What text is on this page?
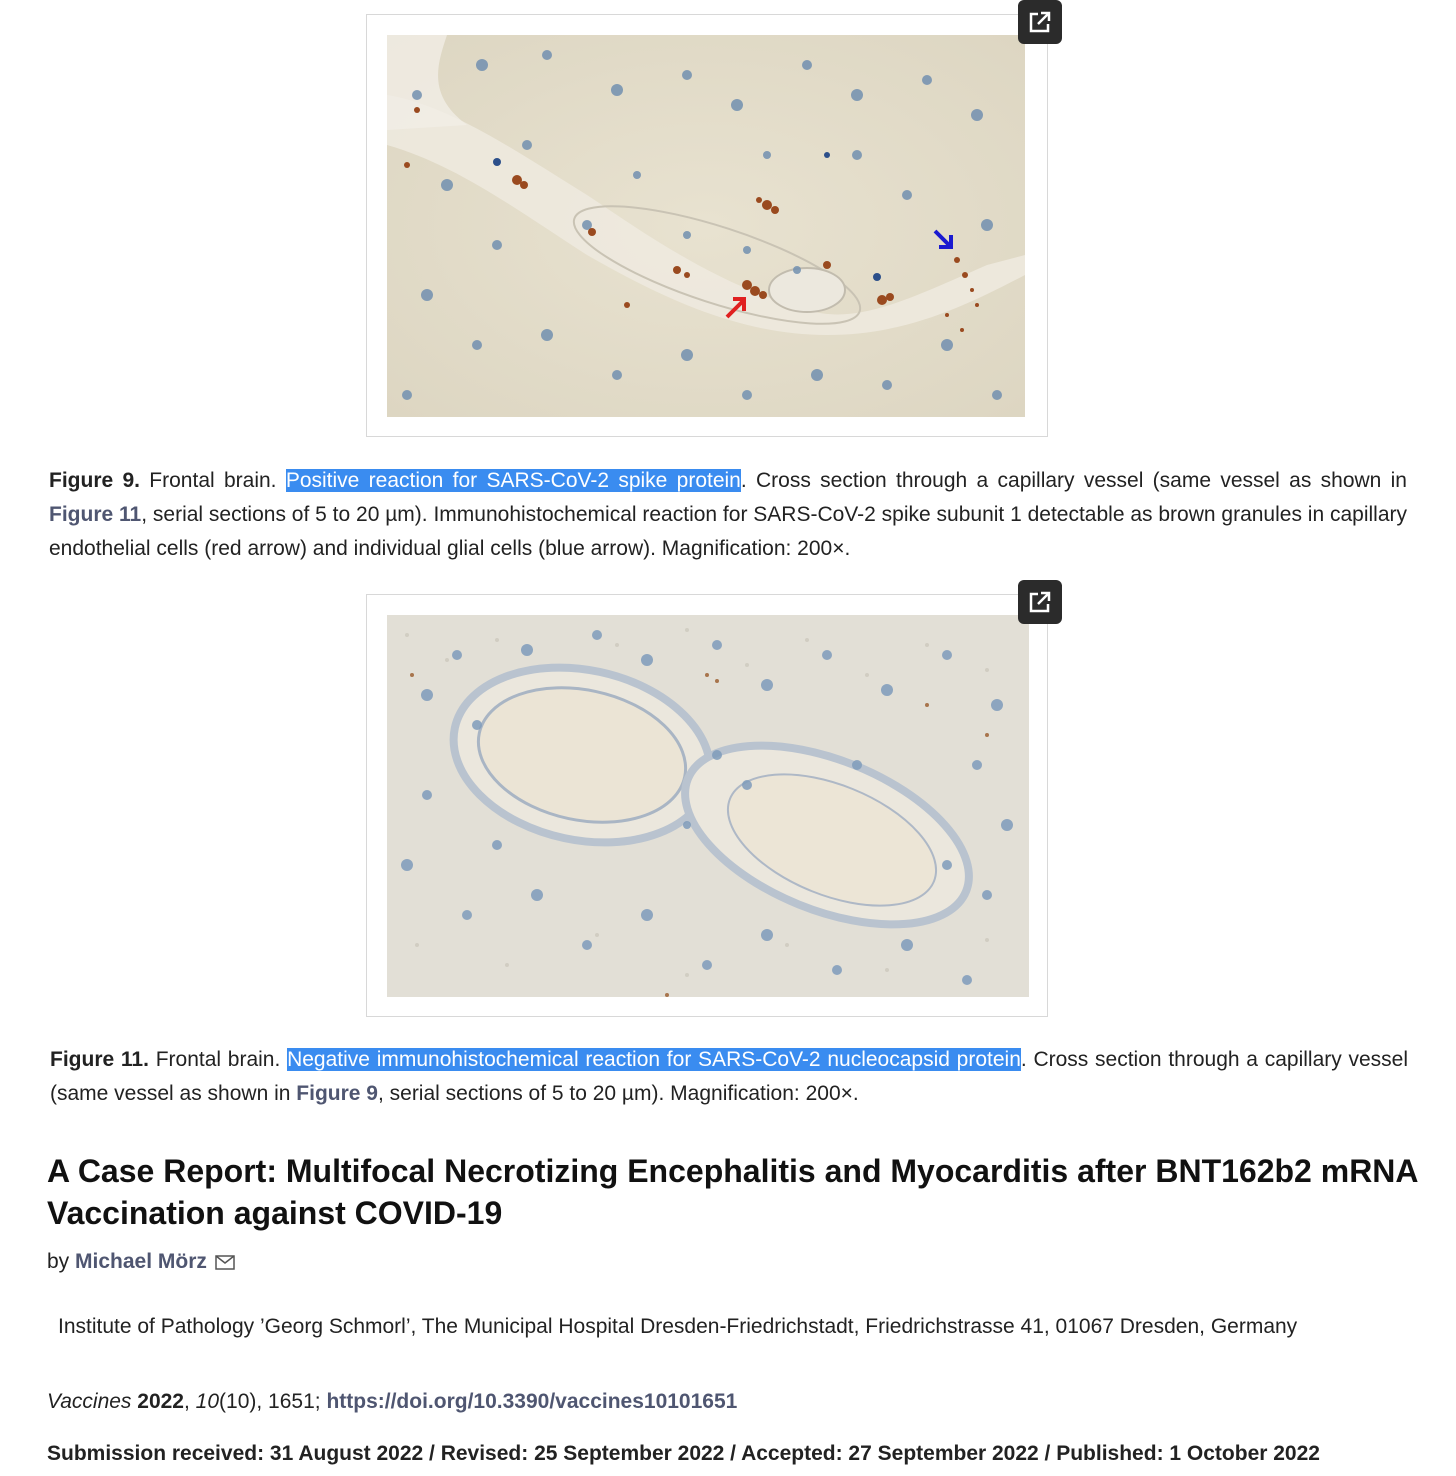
Figure 9. Frontal brain. Positive reaction for SARS-CoV-2 spike protein. Cross section through a capillary vessel (same vessel as shown in Figure 11, serial sections of 5 to 20 µm). Immunohistochemical reaction for SARS-CoV-2 spike subunit 1 detectable as brown granules in capillary endothelial cells (red arrow) and individual glial cells (blue arrow). Magnification: 200×.
Figure 11. Frontal brain. Negative immunohistochemical reaction for SARS-CoV-2 nucleocapsid protein. Cross section through a capillary vessel (same vessel as shown in Figure 9, serial sections of 5 to 20 µm). Magnification: 200×.
A Case Report: Multifocal Necrotizing Encephalitis and Myocarditis after BNT162b2 mRNA Vaccination against COVID-19
by Michael Mörz
Institute of Pathology ’Georg Schmorl’, The Municipal Hospital Dresden-Friedrichstadt, Friedrichstrasse 41, 01067 Dresden, Germany
Vaccines 2022, 10(10), 1651; https://doi.org/10.3390/vaccines10101651
Submission received: 31 August 2022 / Revised: 25 September 2022 / Accepted: 27 September 2022 / Published: 1 October 2022
